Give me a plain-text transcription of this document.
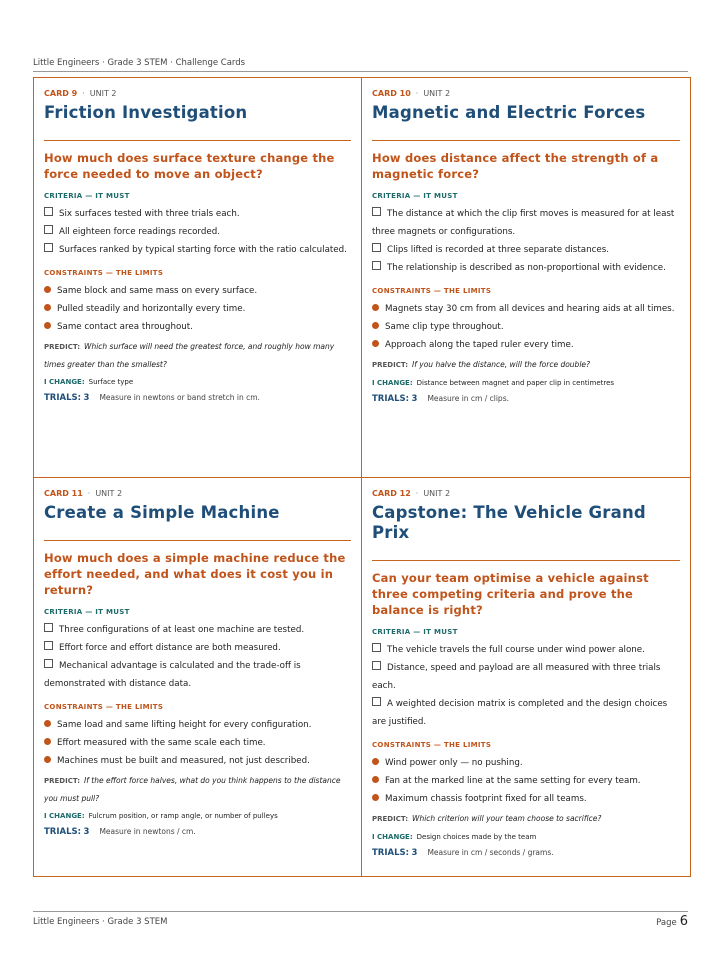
Little Engineers · Grade 3 STEM · Challenge Cards
CARD 9 · UNIT 2
Friction Investigation
How much does surface texture change the force needed to move an object?
CRITERIA — IT MUST
Six surfaces tested with three trials each.
All eighteen force readings recorded.
Surfaces ranked by typical starting force with the ratio calculated.
CONSTRAINTS — THE LIMITS
Same block and same mass on every surface.
Pulled steadily and horizontally every time.
Same contact area throughout.
PREDICT: Which surface will need the greatest force, and roughly how many times greater than the smallest?
I CHANGE: Surface type
TRIALS: 3 Measure in newtons or band stretch in cm.
CARD 10 · UNIT 2
Magnetic and Electric Forces
How does distance affect the strength of a magnetic force?
CRITERIA — IT MUST
The distance at which the clip first moves is measured for at least three magnets or configurations.
Clips lifted is recorded at three separate distances.
The relationship is described as non-proportional with evidence.
CONSTRAINTS — THE LIMITS
Magnets stay 30 cm from all devices and hearing aids at all times.
Same clip type throughout.
Approach along the taped ruler every time.
PREDICT: If you halve the distance, will the force double?
I CHANGE: Distance between magnet and paper clip in centimetres
TRIALS: 3 Measure in cm / clips.
CARD 11 · UNIT 2
Create a Simple Machine
How much does a simple machine reduce the effort needed, and what does it cost you in return?
CRITERIA — IT MUST
Three configurations of at least one machine are tested.
Effort force and effort distance are both measured.
Mechanical advantage is calculated and the trade-off is demonstrated with distance data.
CONSTRAINTS — THE LIMITS
Same load and same lifting height for every configuration.
Effort measured with the same scale each time.
Machines must be built and measured, not just described.
PREDICT: If the effort force halves, what do you think happens to the distance you must pull?
I CHANGE: Fulcrum position, or ramp angle, or number of pulleys
TRIALS: 3 Measure in newtons / cm.
CARD 12 · UNIT 2
Capstone: The Vehicle Grand Prix
Can your team optimise a vehicle against three competing criteria and prove the balance is right?
CRITERIA — IT MUST
The vehicle travels the full course under wind power alone.
Distance, speed and payload are all measured with three trials each.
A weighted decision matrix is completed and the design choices are justified.
CONSTRAINTS — THE LIMITS
Wind power only — no pushing.
Fan at the marked line at the same setting for every team.
Maximum chassis footprint fixed for all teams.
PREDICT: Which criterion will your team choose to sacrifice?
I CHANGE: Design choices made by the team
TRIALS: 3 Measure in cm / seconds / grams.
Little Engineers · Grade 3 STEM	Page 6
